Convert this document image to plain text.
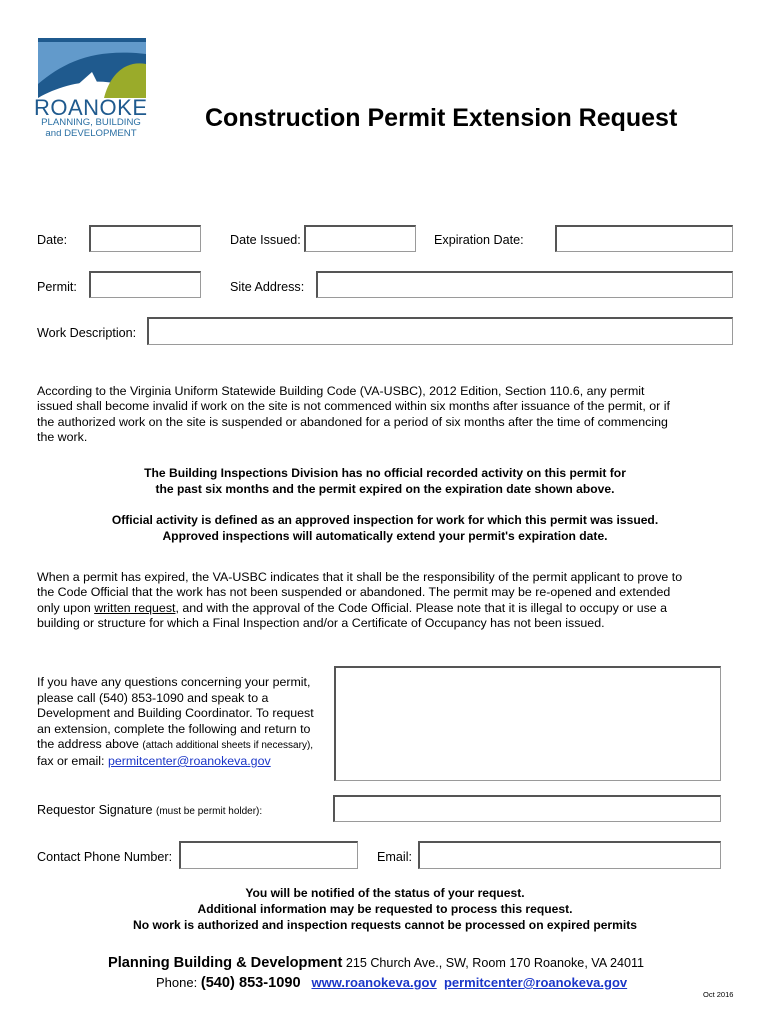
ROANOKE
PLANNING, BUILDING
and DEVELOPMENT
Construction Permit Extension Request
Date:	Date Issued:	Expiration Date:
Permit:	Site Address:
Work Description:
According to the Virginia Uniform Statewide Building Code (VA-USBC), 2012 Edition, Section 110.6, any permit issued shall become invalid if work on the site is not commenced within six months after issuance of the permit, or if the authorized work on the site is suspended or abandoned for a period of six months after the time of commencing the work.
The Building Inspections Division has no official recorded activity on this permit for
the past six months and the permit expired on the expiration date shown above.
Official activity is defined as an approved inspection for work for which this permit was issued.
Approved inspections will automatically extend your permit's expiration date.
When a permit has expired, the VA-USBC indicates that it shall be the responsibility of the permit applicant to prove to the Code Official that the work has not been suspended or abandoned. The permit may be re-opened and extended only upon written request, and with the approval of the Code Official. Please note that it is illegal to occupy or use a building or structure for which a Final Inspection and/or a Certificate of Occupancy has not been issued.
If you have any questions concerning your permit, please call (540) 853-1090 and speak to a Development and Building Coordinator. To request an extension, complete the following and return to the address above (attach additional sheets if necessary),
fax or email: permitcenter@roanokeva.gov
Requestor Signature (must be permit holder):
Contact Phone Number:	Email:
You will be notified of the status of your request.
Additional information may be requested to process this request.
No work is authorized and inspection requests cannot be processed on expired permits
Planning Building & Development 215 Church Ave., SW, Room 170 Roanoke, VA 24011
Phone: (540) 853-1090 www.roanokeva.gov permitcenter@roanokeva.gov
Oct 2016
